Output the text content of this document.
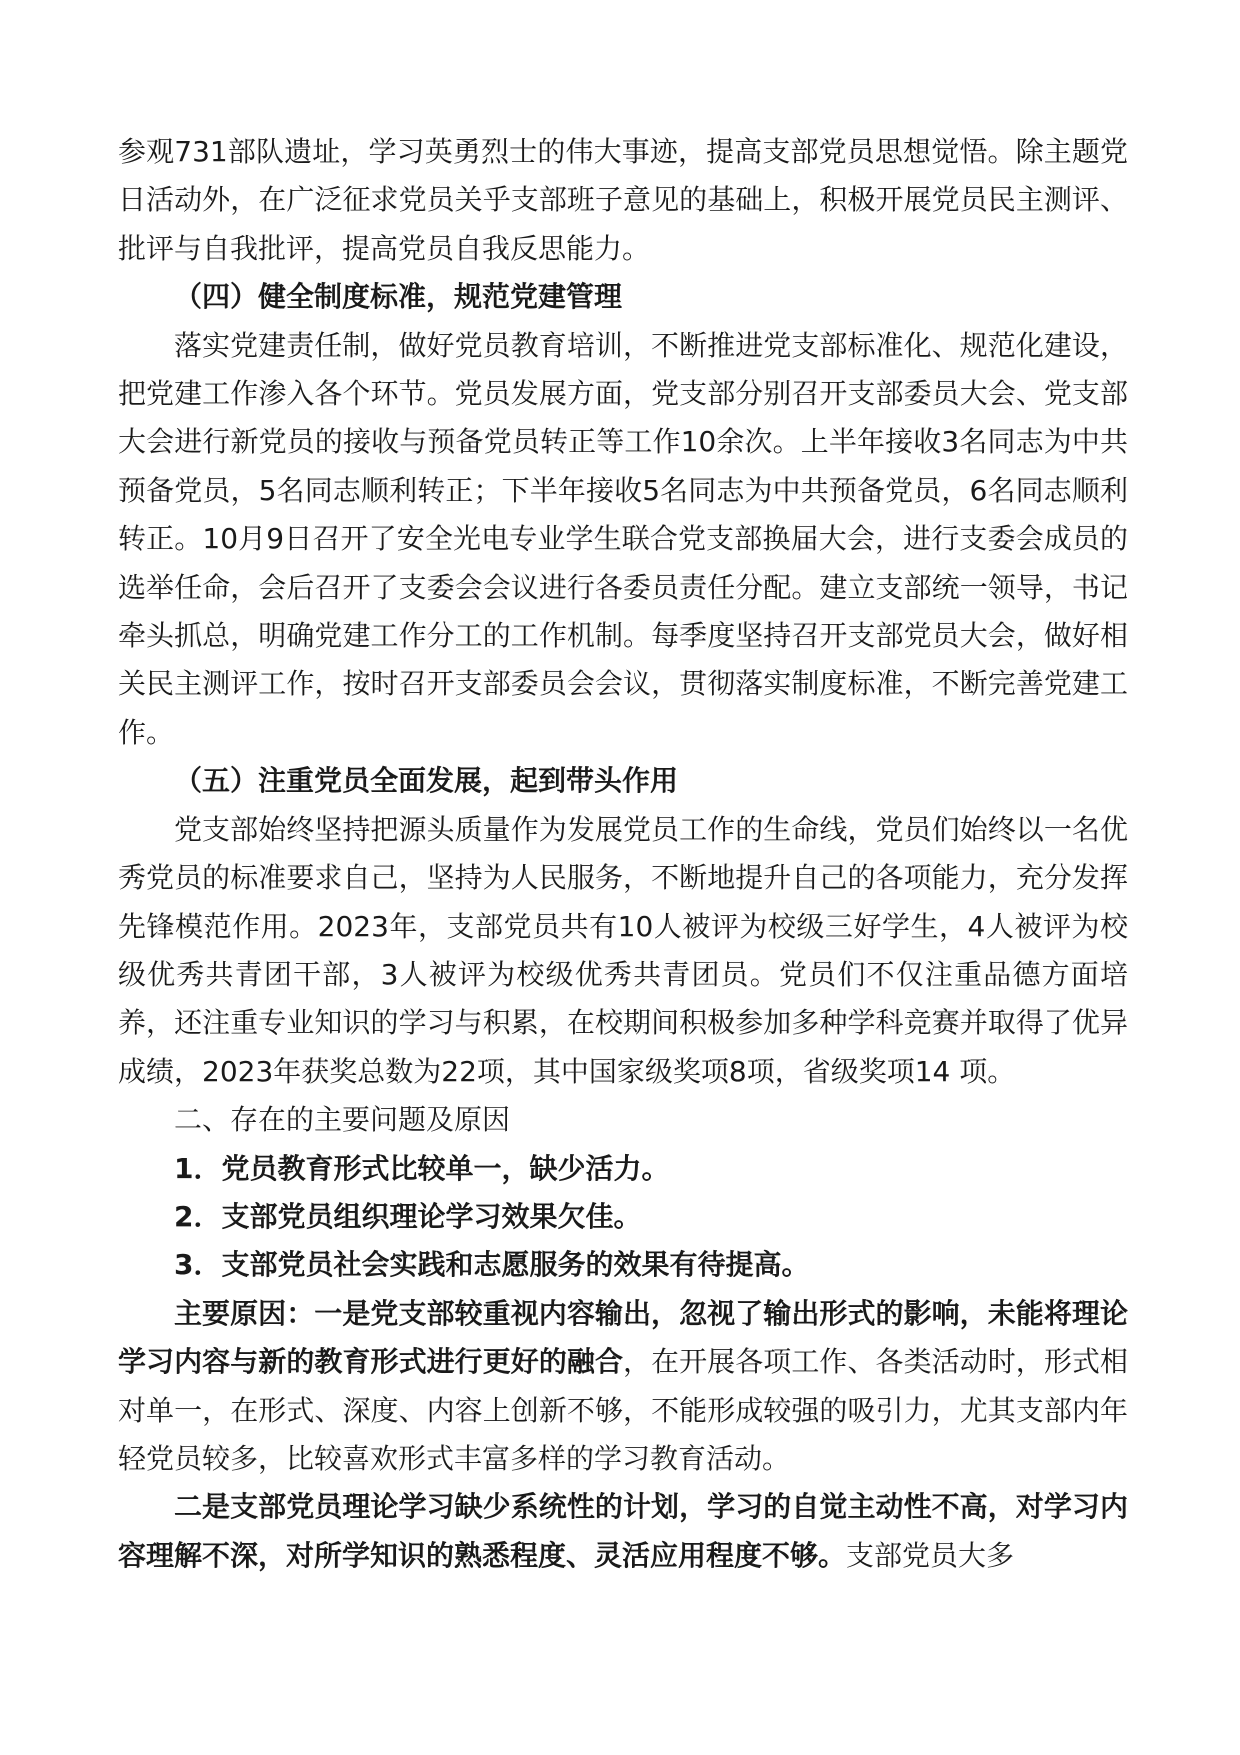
参观731部队遗址，学习英勇烈士的伟大事迹，提高支部党员思想觉悟。除主题党日活动外，在广泛征求党员关乎支部班子意见的基础上，积极开展党员民主测评、批评与自我批评，提高党员自我反思能力。

（四）健全制度标准，规范党建管理

落实党建责任制，做好党员教育培训，不断推进党支部标准化、规范化建设，把党建工作渗入各个环节。党员发展方面，党支部分别召开支部委员大会、党支部大会进行新党员的接收与预备党员转正等工作10余次。上半年接收3名同志为中共预备党员，5名同志顺利转正；下半年接收5名同志为中共预备党员，6名同志顺利转正。10月9日召开了安全光电专业学生联合党支部换届大会，进行支委会成员的选举任命，会后召开了支委会会议进行各委员责任分配。建立支部统一领导，书记牵头抓总，明确党建工作分工的工作机制。每季度坚持召开支部党员大会，做好相关民主测评工作，按时召开支部委员会会议，贯彻落实制度标准，不断完善党建工作。

（五）注重党员全面发展，起到带头作用

党支部始终坚持把源头质量作为发展党员工作的生命线，党员们始终以一名优秀党员的标准要求自己，坚持为人民服务，不断地提升自己的各项能力，充分发挥先锋模范作用。2023年，支部党员共有10人被评为校级三好学生，4人被评为校级优秀共青团干部，3人被评为校级优秀共青团员。党员们不仅注重品德方面培养，还注重专业知识的学习与积累，在校期间积极参加多种学科竞赛并取得了优异成绩，2023年获奖总数为22项，其中国家级奖项8项，省级奖项14 项。

二、存在的主要问题及原因

1．党员教育形式比较单一，缺少活力。

2．支部党员组织理论学习效果欠佳。

3．支部党员社会实践和志愿服务的效果有待提高。

主要原因：一是党支部较重视内容输出，忽视了输出形式的影响，未能将理论学习内容与新的教育形式进行更好的融合，在开展各项工作、各类活动时，形式相对单一，在形式、深度、内容上创新不够，不能形成较强的吸引力，尤其支部内年轻党员较多，比较喜欢形式丰富多样的学习教育活动。

二是支部党员理论学习缺少系统性的计划，学习的自觉主动性不高，对学习内容理解不深，对所学知识的熟悉程度、灵活应用程度不够。支部党员大多
